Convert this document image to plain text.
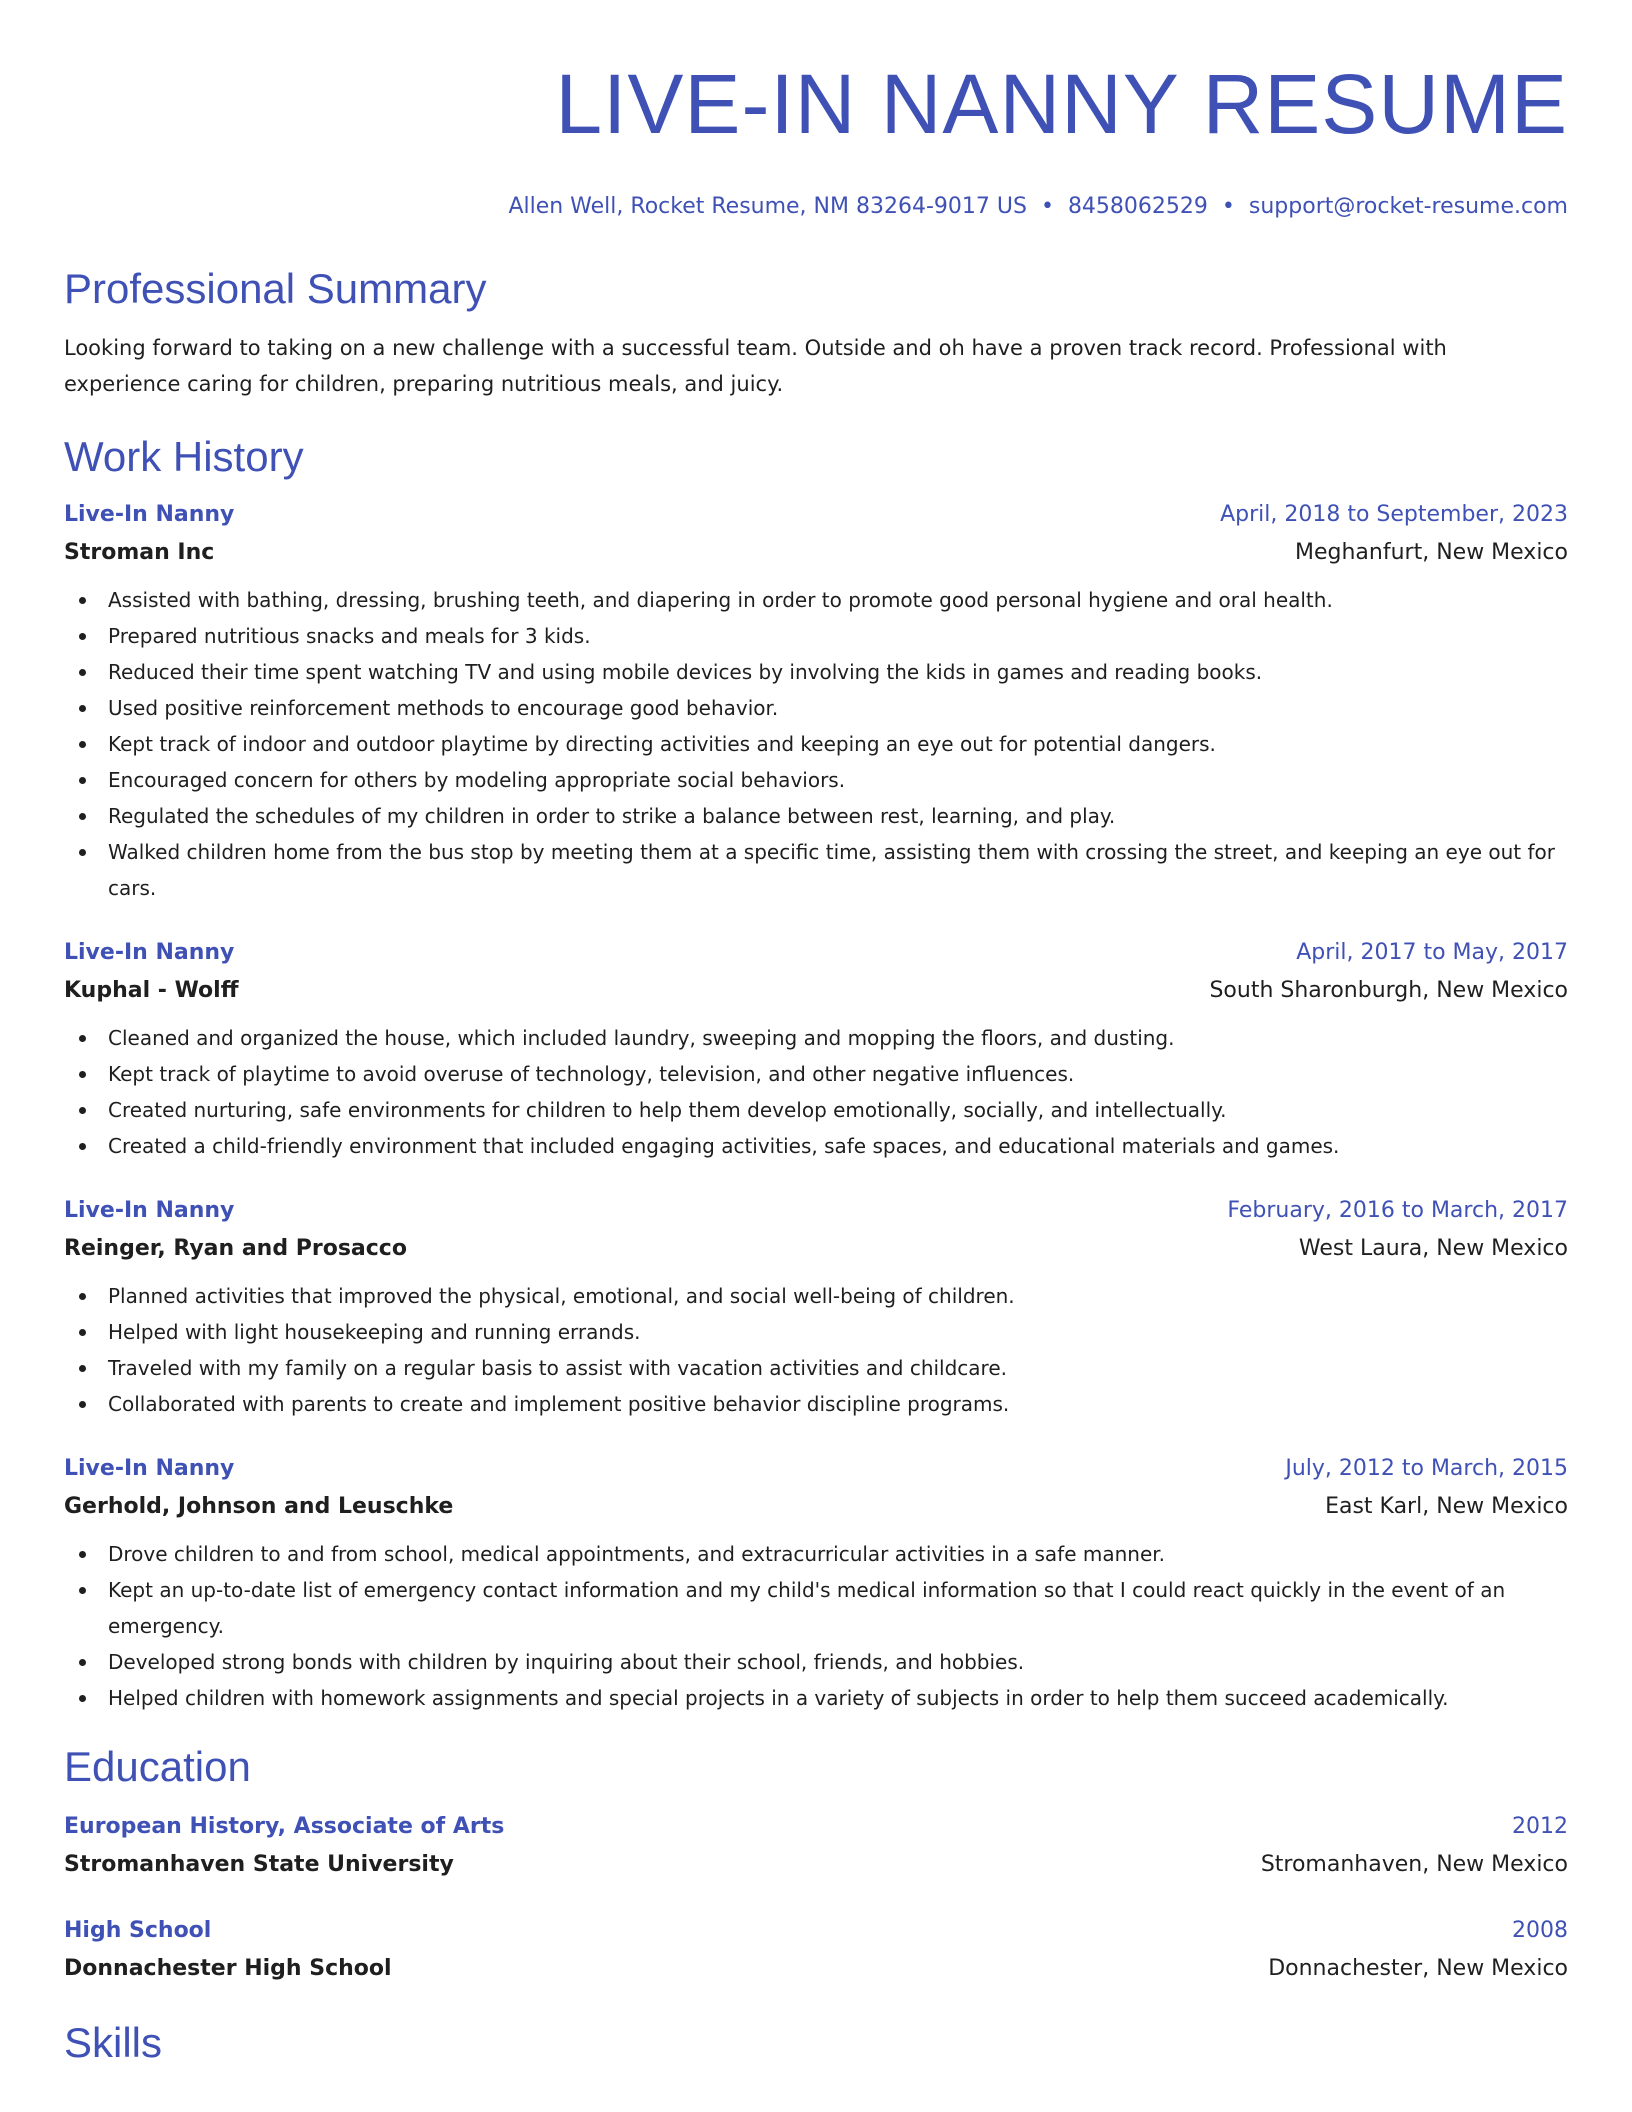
LIVE-IN NANNY RESUME
Allen Well, Rocket Resume, NM 83264-9017 US • 8458062529 • support@rocket-resume.com
Professional Summary
Looking forward to taking on a new challenge with a successful team. Outside and oh have a proven track record. Professional with experience caring for children, preparing nutritious meals, and juicy.
Work History
Live-In Nanny	April, 2018 to September, 2023
Stroman Inc	Meghanfurt, New Mexico
Assisted with bathing, dressing, brushing teeth, and diapering in order to promote good personal hygiene and oral health.
Prepared nutritious snacks and meals for 3 kids.
Reduced their time spent watching TV and using mobile devices by involving the kids in games and reading books.
Used positive reinforcement methods to encourage good behavior.
Kept track of indoor and outdoor playtime by directing activities and keeping an eye out for potential dangers.
Encouraged concern for others by modeling appropriate social behaviors.
Regulated the schedules of my children in order to strike a balance between rest, learning, and play.
Walked children home from the bus stop by meeting them at a specific time, assisting them with crossing the street, and keeping an eye out for cars.
Live-In Nanny	April, 2017 to May, 2017
Kuphal - Wolff	South Sharonburgh, New Mexico
Cleaned and organized the house, which included laundry, sweeping and mopping the floors, and dusting.
Kept track of playtime to avoid overuse of technology, television, and other negative influences.
Created nurturing, safe environments for children to help them develop emotionally, socially, and intellectually.
Created a child-friendly environment that included engaging activities, safe spaces, and educational materials and games.
Live-In Nanny	February, 2016 to March, 2017
Reinger, Ryan and Prosacco	West Laura, New Mexico
Planned activities that improved the physical, emotional, and social well-being of children.
Helped with light housekeeping and running errands.
Traveled with my family on a regular basis to assist with vacation activities and childcare.
Collaborated with parents to create and implement positive behavior discipline programs.
Live-In Nanny	July, 2012 to March, 2015
Gerhold, Johnson and Leuschke	East Karl, New Mexico
Drove children to and from school, medical appointments, and extracurricular activities in a safe manner.
Kept an up-to-date list of emergency contact information and my child's medical information so that I could react quickly in the event of an emergency.
Developed strong bonds with children by inquiring about their school, friends, and hobbies.
Helped children with homework assignments and special projects in a variety of subjects in order to help them succeed academically.
Education
European History, Associate of Arts	2012
Stromanhaven State University	Stromanhaven, New Mexico
High School	2008
Donnachester High School	Donnachester, New Mexico
Skills
